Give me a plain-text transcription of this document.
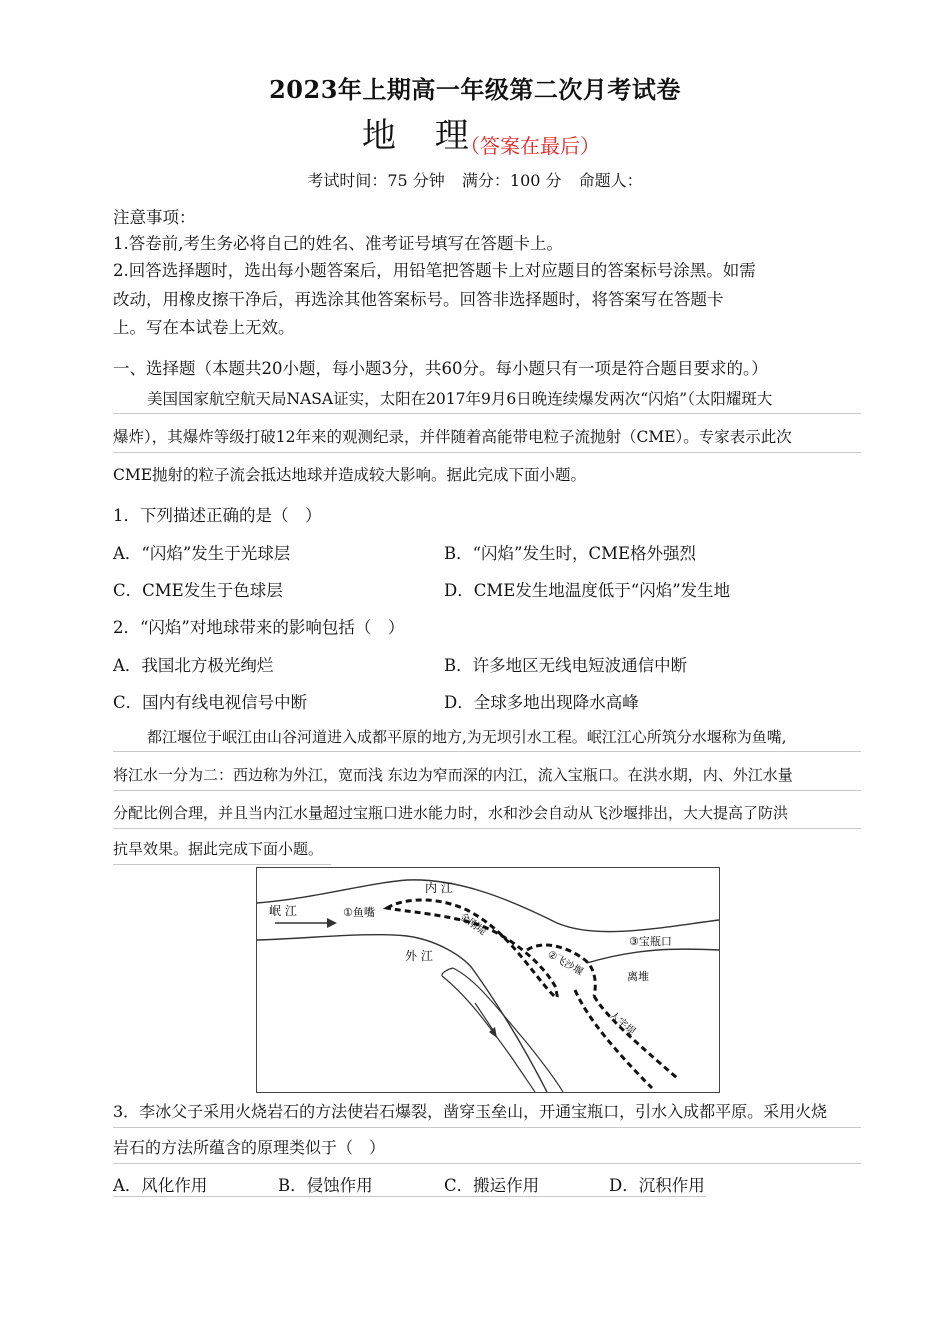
2023年上期高一年级第二次月考试卷
地 理
（答案在最后）
考试时间：75 分钟 满分：100 分 命题人：
注意事项：
1.答卷前,考生务必将自己的姓名、准考证号填写在答题卡上。
2.回答选择题时，选出每小题答案后，用铅笔把答题卡上对应题目的答案标号涂黑。如需
改动，用橡皮擦干净后，再选涂其他答案标号。回答非选择题时，将答案写在答题卡
上。写在本试卷上无效。
一、选择题（本题共20小题，每小题3分，共60分。每小题只有一项是符合题目要求的。）
美国国家航空航天局NASA证实，太阳在2017年9月6日晚连续爆发两次“闪焰”（太阳耀斑大
爆炸），其爆炸等级打破12年来的观测纪录，并伴随着高能带电粒子流抛射（CME）。专家表示此次
CME抛射的粒子流会抵达地球并造成较大影响。据此完成下面小题。
1．下列描述正确的是（　）
A．“闪焰”发生于光球层	B．“闪焰”发生时，CME格外强烈
C．CME发生于色球层	D．CME发生地温度低于“闪焰”发生地
2．“闪焰”对地球带来的影响包括（　）
A．我国北方极光绚烂	B．许多地区无线电短波通信中断
C．国内有线电视信号中断	D．全球多地出现降水高峰
都江堰位于岷江由山谷河道进入成都平原的地方,为无坝引水工程。岷江江心所筑分水堰称为鱼嘴,
将江水一分为二：西边称为外江，宽而浅 东边为窄而深的内江，流入宝瓶口。在洪水期，内、外江水量
分配比例合理，并且当内江水量超过宝瓶口进水能力时，水和沙会自动从飞沙堰排出，大大提高了防洪
抗旱效果。据此完成下面小题。
岷 江
内 江
外 江
①鱼嘴	金刚堤
②飞沙堰
③宝瓶口
离堆
人字堤
3．李冰父子采用火烧岩石的方法使岩石爆裂，凿穿玉垒山，开通宝瓶口，引水入成都平原。采用火烧
岩石的方法所蕴含的原理类似于（　）
A．风化作用	B．侵蚀作用	C．搬运作用	D．沉积作用
